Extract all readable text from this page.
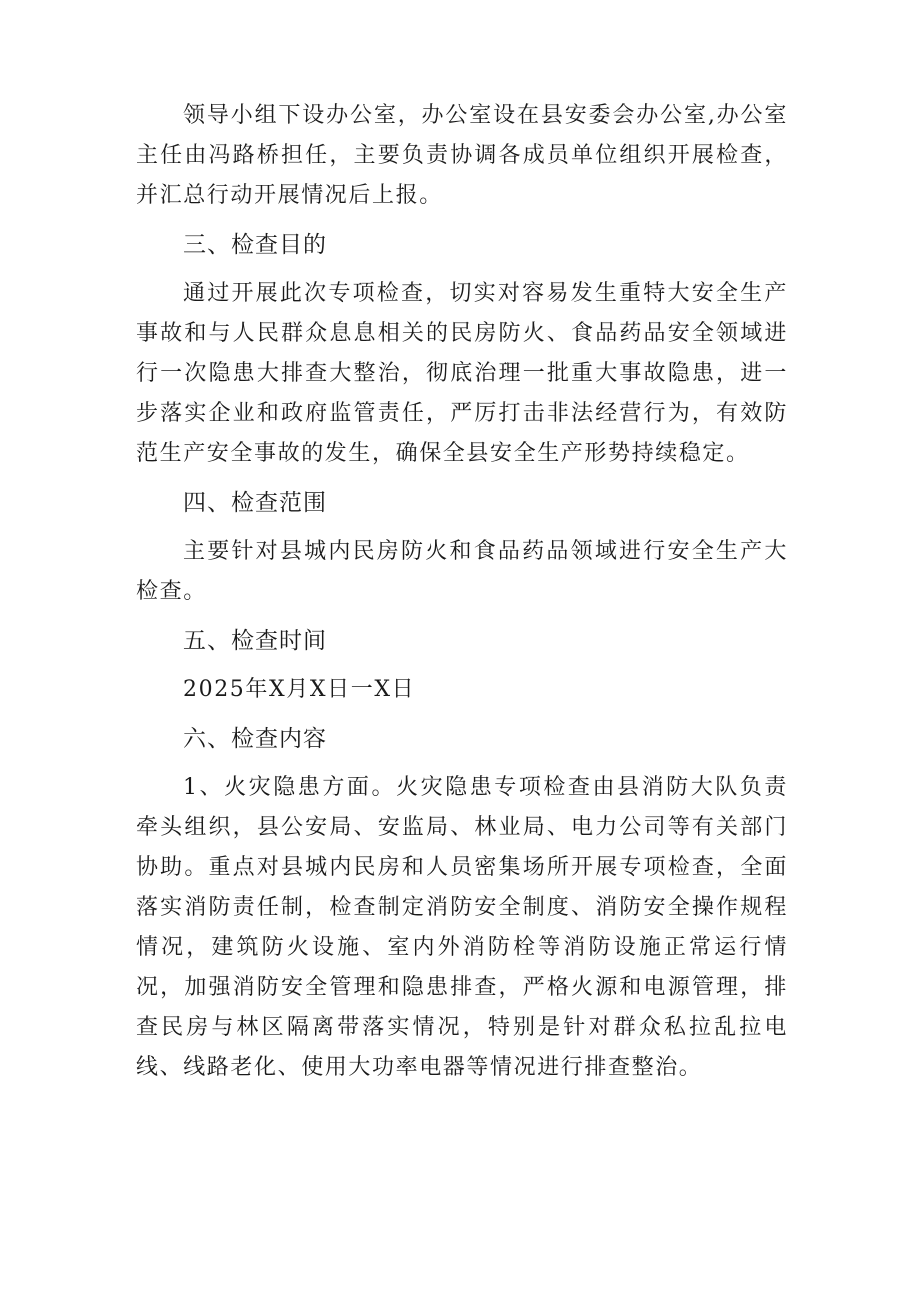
领导小组下设办公室，办公室设在县安委会办公室,办公室主任由冯路桥担任，主要负责协调各成员单位组织开展检查，并汇总行动开展情况后上报。

三、检查目的

通过开展此次专项检查，切实对容易发生重特大安全生产事故和与人民群众息息相关的民房防火、食品药品安全领域进行一次隐患大排查大整治，彻底治理一批重大事故隐患，进一步落实企业和政府监管责任，严厉打击非法经营行为，有效防范生产安全事故的发生，确保全县安全生产形势持续稳定。

四、检查范围

主要针对县城内民房防火和食品药品领域进行安全生产大检查。

五、检查时间

2025年X月X日一X日

六、检查内容

1、火灾隐患方面。火灾隐患专项检查由县消防大队负责牵头组织，县公安局、安监局、林业局、电力公司等有关部门协助。重点对县城内民房和人员密集场所开展专项检查，全面落实消防责任制，检查制定消防安全制度、消防安全操作规程情况，建筑防火设施、室内外消防栓等消防设施正常运行情况，加强消防安全管理和隐患排查，严格火源和电源管理，排查民房与林区隔离带落实情况，特别是针对群众私拉乱拉电线、线路老化、使用大功率电器等情况进行排查整治。
